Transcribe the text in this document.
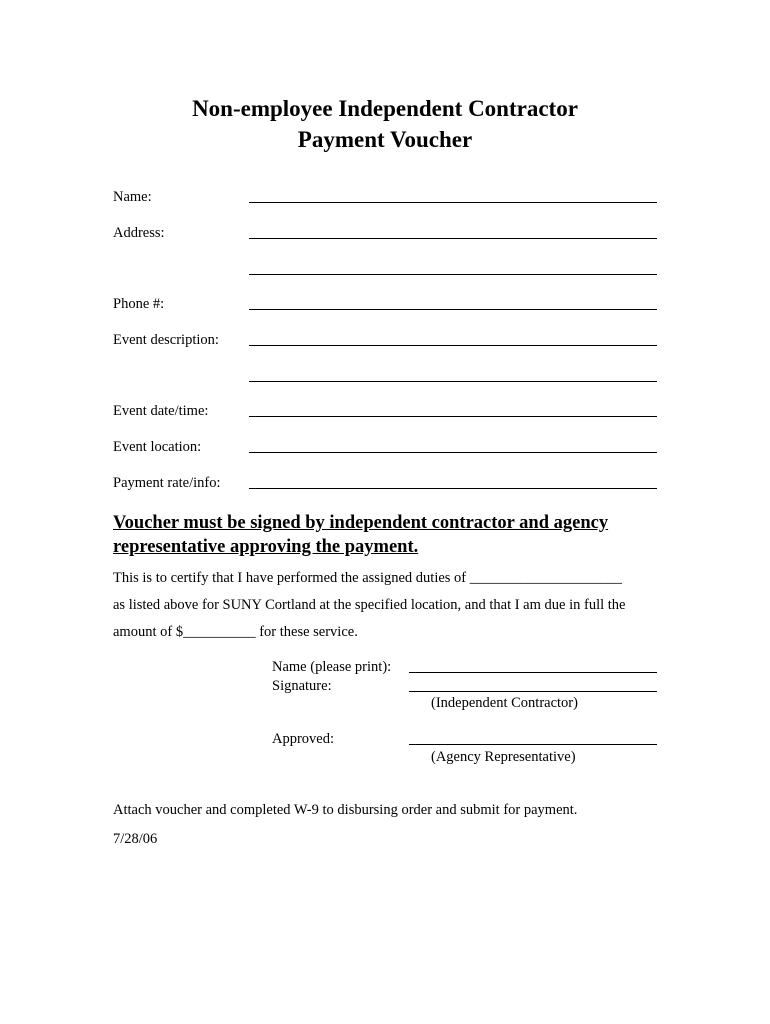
Non-employee Independent Contractor
Payment Voucher
Name:
Address:
Phone #:
Event description:
Event date/time:
Event location:
Payment rate/info:
Voucher must be signed by independent contractor and agency
representative approving the payment.
This is to certify that I have performed the assigned duties of _____________________
as listed above for SUNY Cortland at the specified location, and that I am due in full the
amount of $__________ for these service.
Name (please print):
Signature:
(Independent Contractor)
Approved:
(Agency Representative)
Attach voucher and completed W-9 to disbursing order and submit for payment.
7/28/06
